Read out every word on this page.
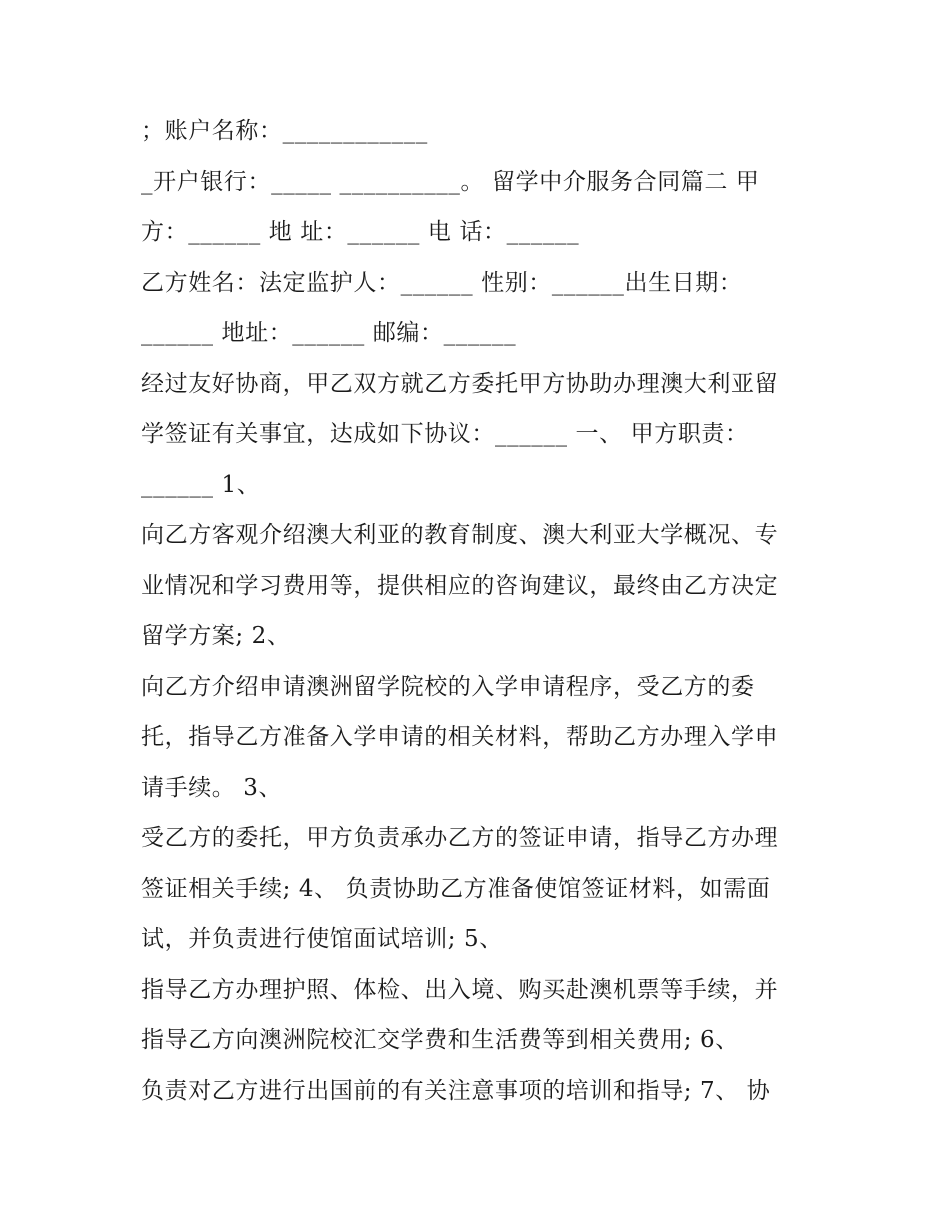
；账户名称：____________
_开户银行：_____ __________。 留学中介服务合同篇二 甲
方：______ 地 址：______ 电 话：______
乙方姓名：法定监护人：______ 性别：______出生日期：
______ 地址：______ 邮编：______
经过友好协商，甲乙双方就乙方委托甲方协助办理澳大利亚留
学签证有关事宜，达成如下协议：______ 一、 甲方职责：
______ 1、
向乙方客观介绍澳大利亚的教育制度、澳大利亚大学概况、专
业情况和学习费用等，提供相应的咨询建议，最终由乙方决定
留学方案; 2、
向乙方介绍申请澳洲留学院校的入学申请程序，受乙方的委
托，指导乙方准备入学申请的相关材料，帮助乙方办理入学申
请手续。 3、
受乙方的委托，甲方负责承办乙方的签证申请，指导乙方办理
签证相关手续; 4、 负责协助乙方准备使馆签证材料，如需面
试，并负责进行使馆面试培训; 5、
指导乙方办理护照、体检、出入境、购买赴澳机票等手续，并
指导乙方向澳洲院校汇交学费和生活费等到相关费用; 6、
负责对乙方进行出国前的有关注意事项的培训和指导; 7、 协
